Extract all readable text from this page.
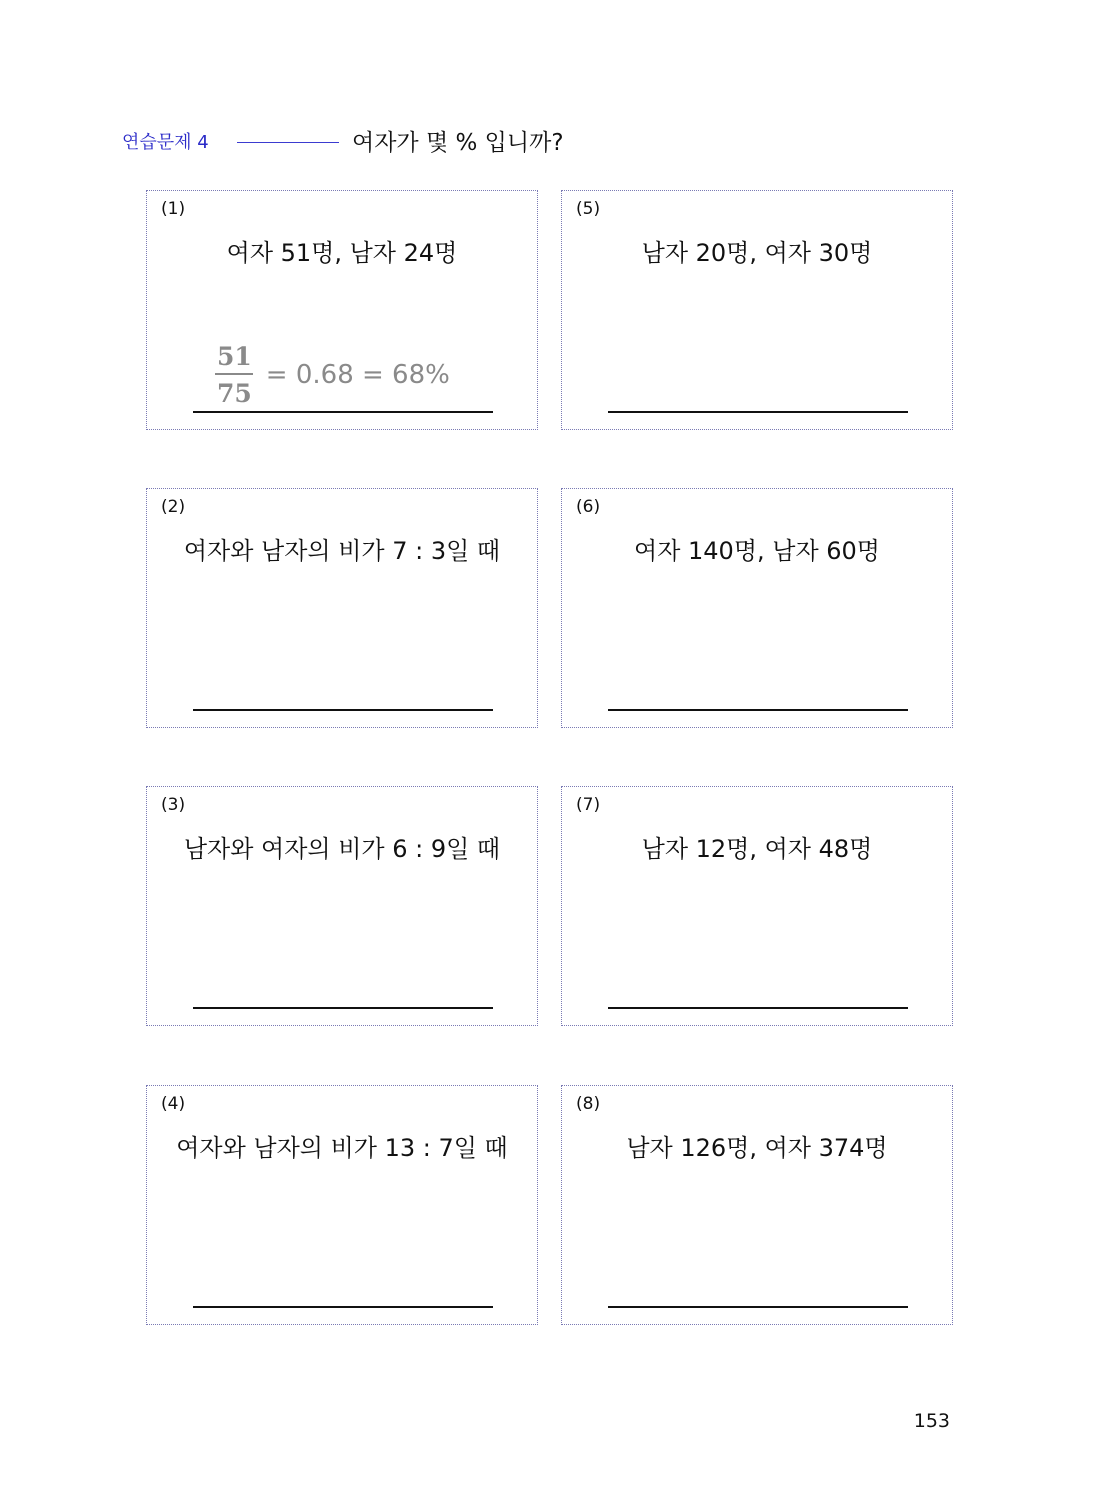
연습문제 4	여자가 몇 % 입니까?
(1)
여자 51명, 남자 24명
$\frac{51}{75} = 0.68 = 68\%$
(2)
여자와 남자의 비가 7 : 3일 때
(3)
남자와 여자의 비가 6 : 9일 때
(4)
여자와 남자의 비가 13 : 7일 때
(5)
남자 20명, 여자 30명
(6)
여자 140명, 남자 60명
(7)
남자 12명, 여자 48명
(8)
남자 126명, 여자 374명
153
